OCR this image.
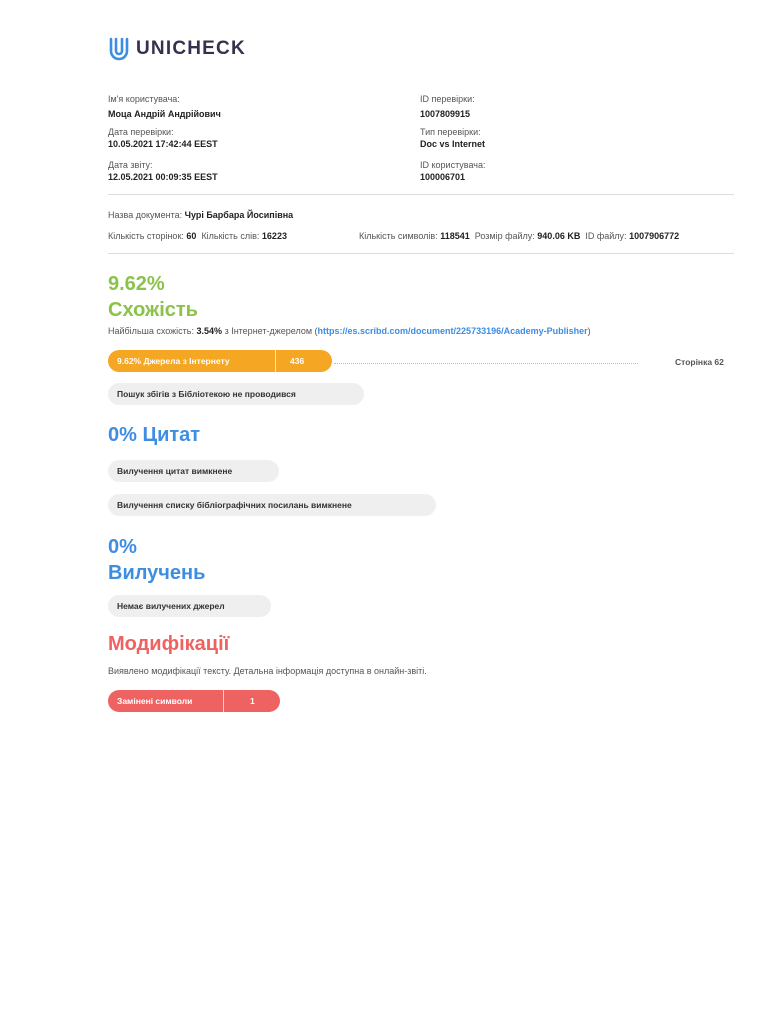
UNICHECK
Ім'я користувача:
Моца Андрій Андрійович
Дата перевірки:
10.05.2021 17:42:44 EEST
Дата звіту:
12.05.2021 00:09:35 EEST
ID перевірки:
1007809915
Тип перевірки:
Doc vs Internet
ID користувача:
100006701
Назва документа: Чурі Барбара Йосипівна
Кількість сторінок: 60 Кількість слів: 16223	Кількість символів: 118541 Розмір файлу: 940.06 KB ID файлу: 1007906772
9.62%
Схожість
Найбільша схожість: 3.54% з Інтернет-джерелом (https://es.scribd.com/document/225733196/Academy-Publisher)
9.62% Джерела з Інтернету	436	Сторінка 62
Пошук збігів з Бібліотекою не проводився
0% Цитат
Вилучення цитат вимкнене
Вилучення списку бібліографічних посилань вимкнене
0%
Вилучень
Немає вилучених джерел
Модифікації
Виявлено модифікації тексту. Детальна інформація доступна в онлайн-звіті.
Замінені символи	1
